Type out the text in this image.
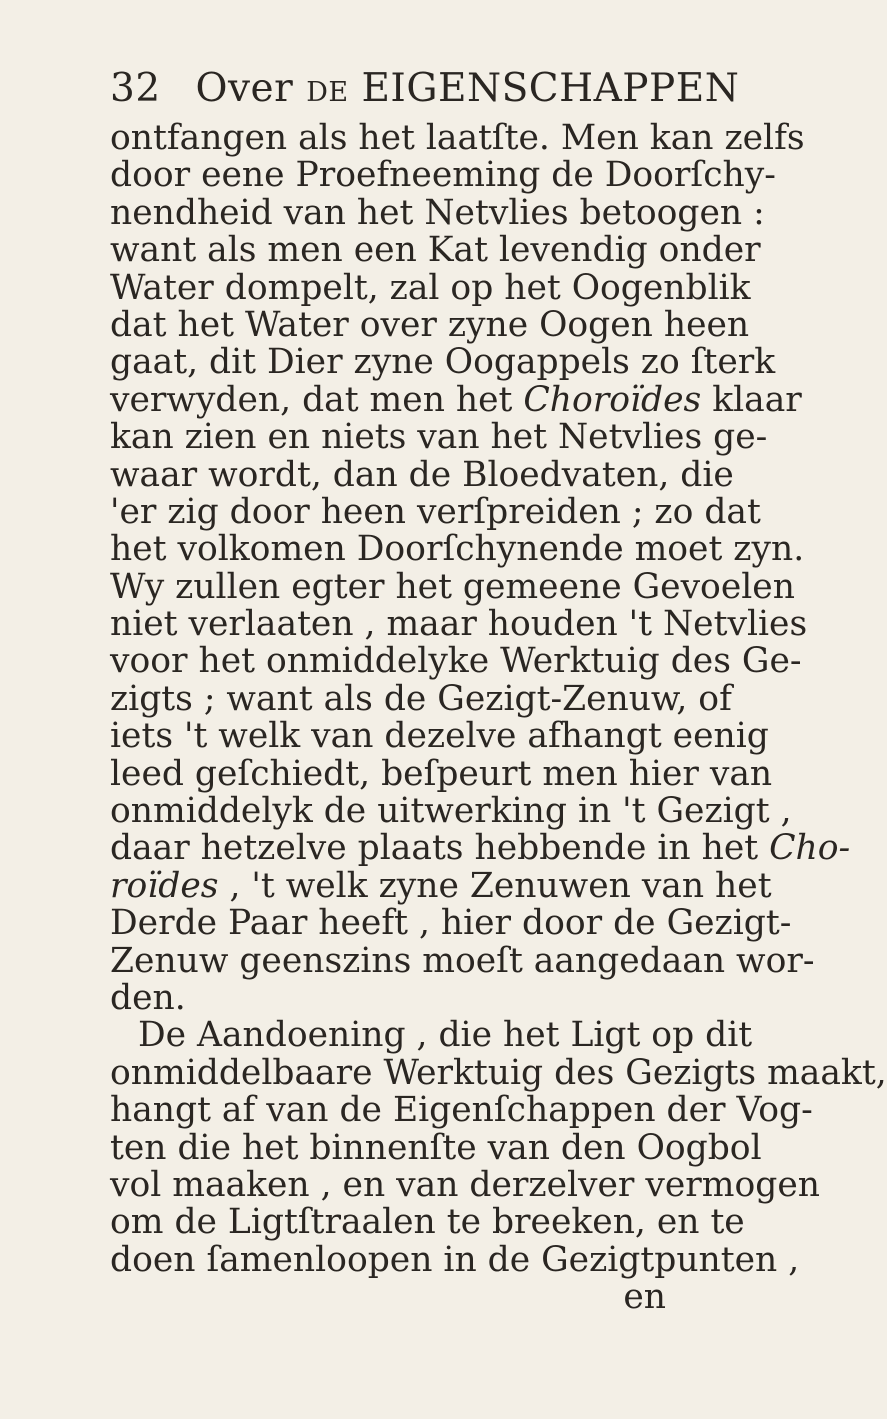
32 Over de EIGENSCHAPPEN
ontfangen als het laatſte. Men kan zelfs
door eene Proefneeming de Doorſchy-
nendheid van het Netvlies betoogen :
want als men een Kat levendig onder
Water dompelt, zal op het Oogenblik
dat het Water over zyne Oogen heen
gaat, dit Dier zyne Oogappels zo ſterk
verwyden, dat men het Choroïdes klaar
kan zien en niets van het Netvlies ge-
waar wordt, dan de Bloedvaten, die
'er zig door heen verſpreiden ; zo dat
het volkomen Doorſchynende moet zyn.
Wy zullen egter het gemeene Gevoelen
niet verlaaten , maar houden 't Netvlies
voor het onmiddelyke Werktuig des Ge-
zigts ; want als de Gezigt-Zenuw, of
iets 't welk van dezelve afhangt eenig
leed geſchiedt, beſpeurt men hier van
onmiddelyk de uitwerking in 't Gezigt ,
daar hetzelve plaats hebbende in het Cho-
roïdes , 't welk zyne Zenuwen van het
Derde Paar heeft , hier door de Gezigt-
Zenuw geenszins moeſt aangedaan wor-
den.
De Aandoening , die het Ligt op dit
onmiddelbaare Werktuig des Gezigts maakt,
hangt af van de Eigenſchappen der Vog-
ten die het binnenſte van den Oogbol
vol maaken , en van derzelver vermogen
om de Ligtſtraalen te breeken, en te
doen ſamenloopen in de Gezigtpunten ,
en
